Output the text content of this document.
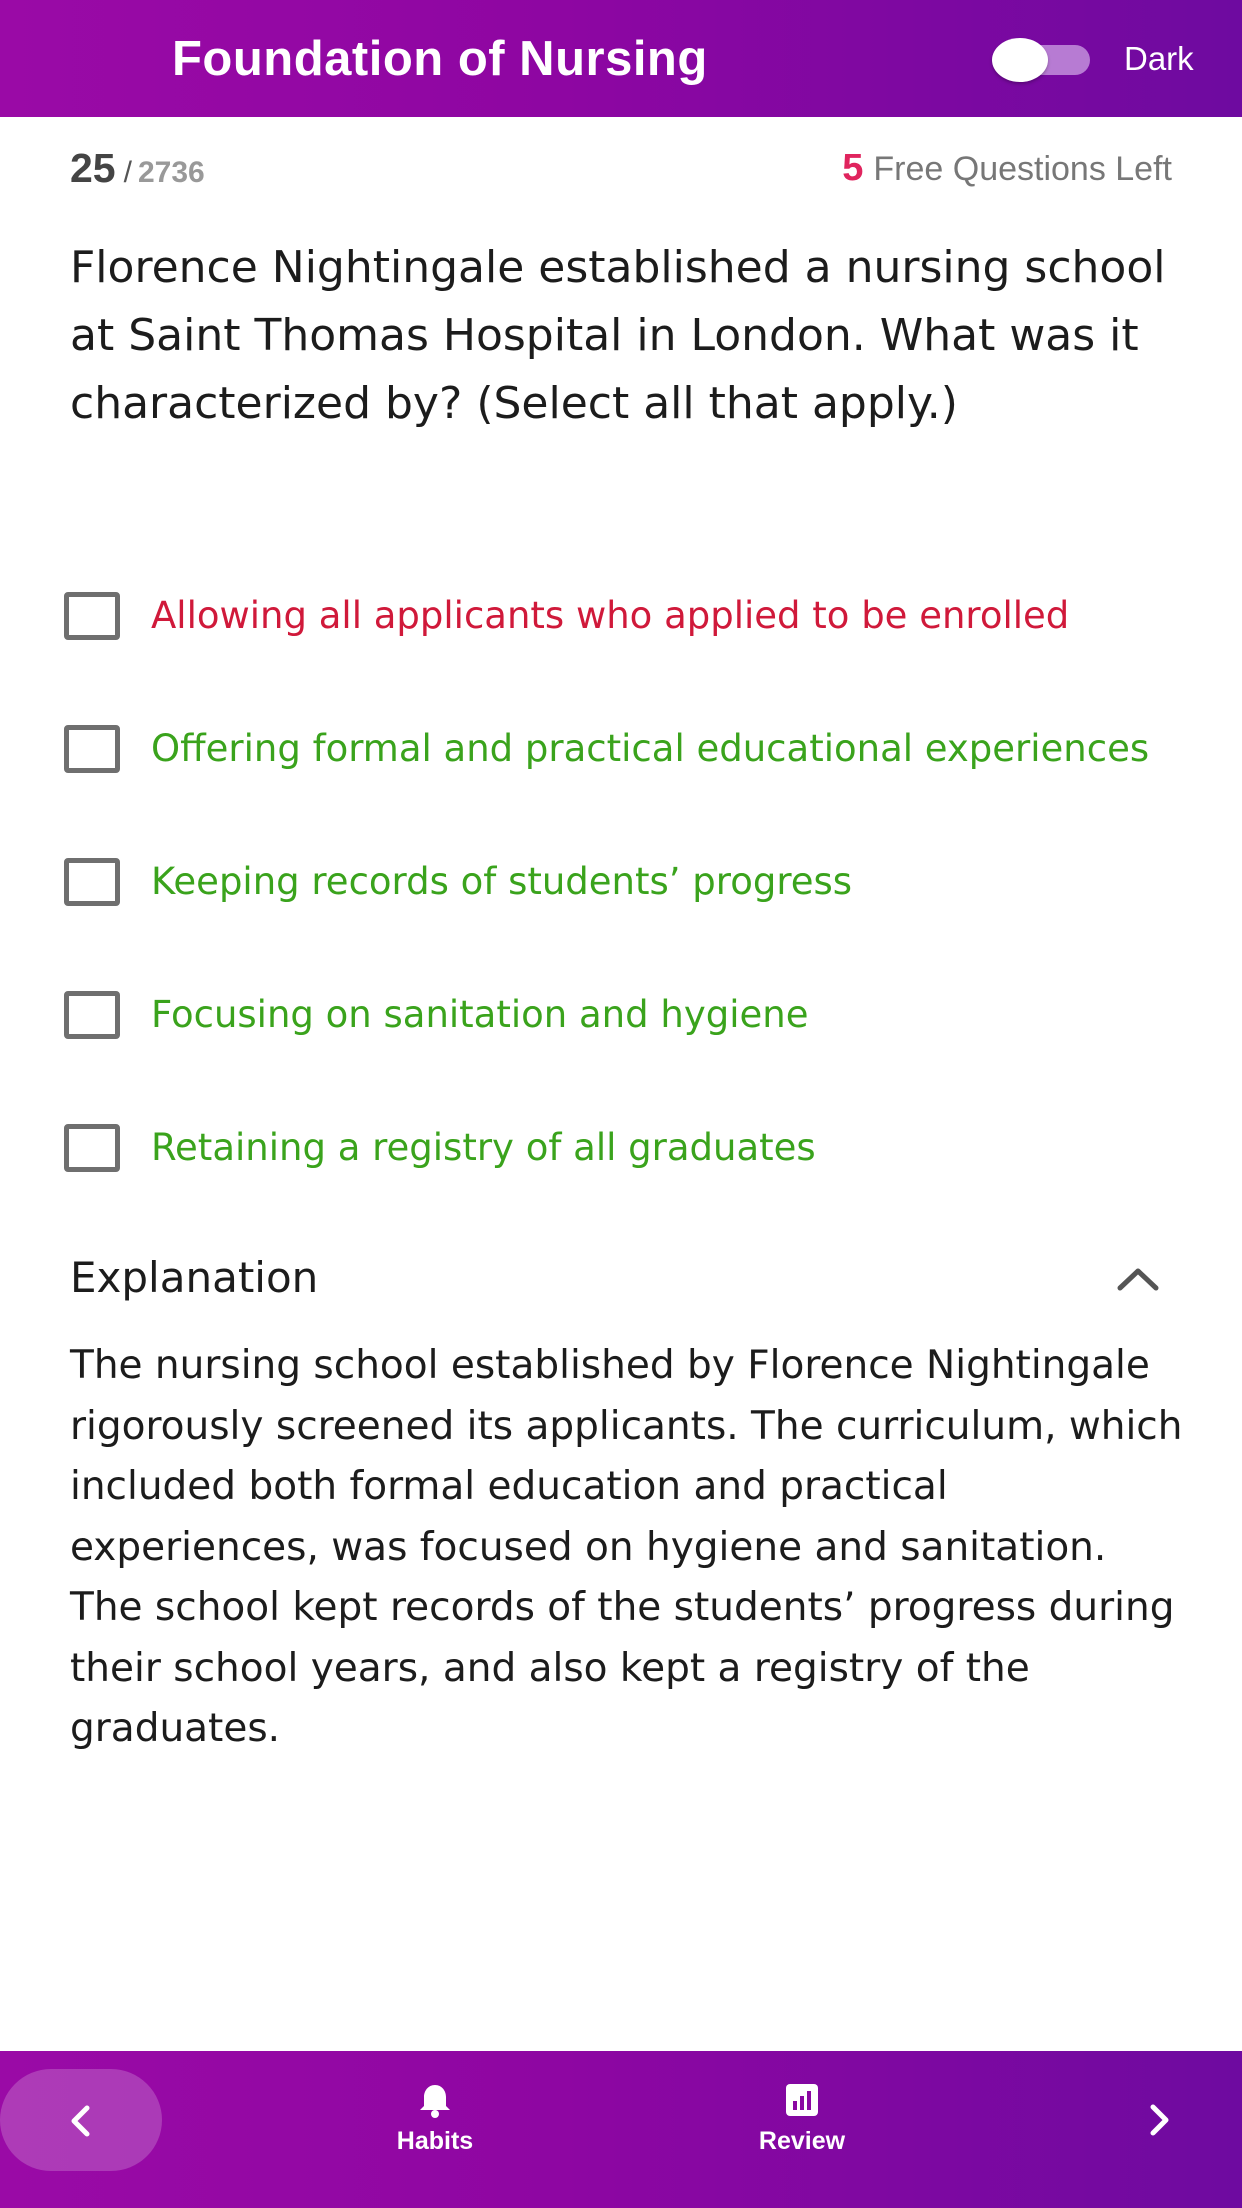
Foundation of Nursing	Dark
25 / 2736	5 Free Questions Left
Florence Nightingale established a nursing school at Saint Thomas Hospital in London. What was it characterized by? (Select all that apply.)
Allowing all applicants who applied to be enrolled
Offering formal and practical educational experiences
Keeping records of students’ progress
Focusing on sanitation and hygiene
Retaining a registry of all graduates
Explanation
The nursing school established by Florence Nightingale rigorously screened its applicants. The curriculum, which included both formal education and practical experiences, was focused on hygiene and sanitation. The school kept records of the students’ progress during their school years, and also kept a registry of the graduates.
Habits	Review
